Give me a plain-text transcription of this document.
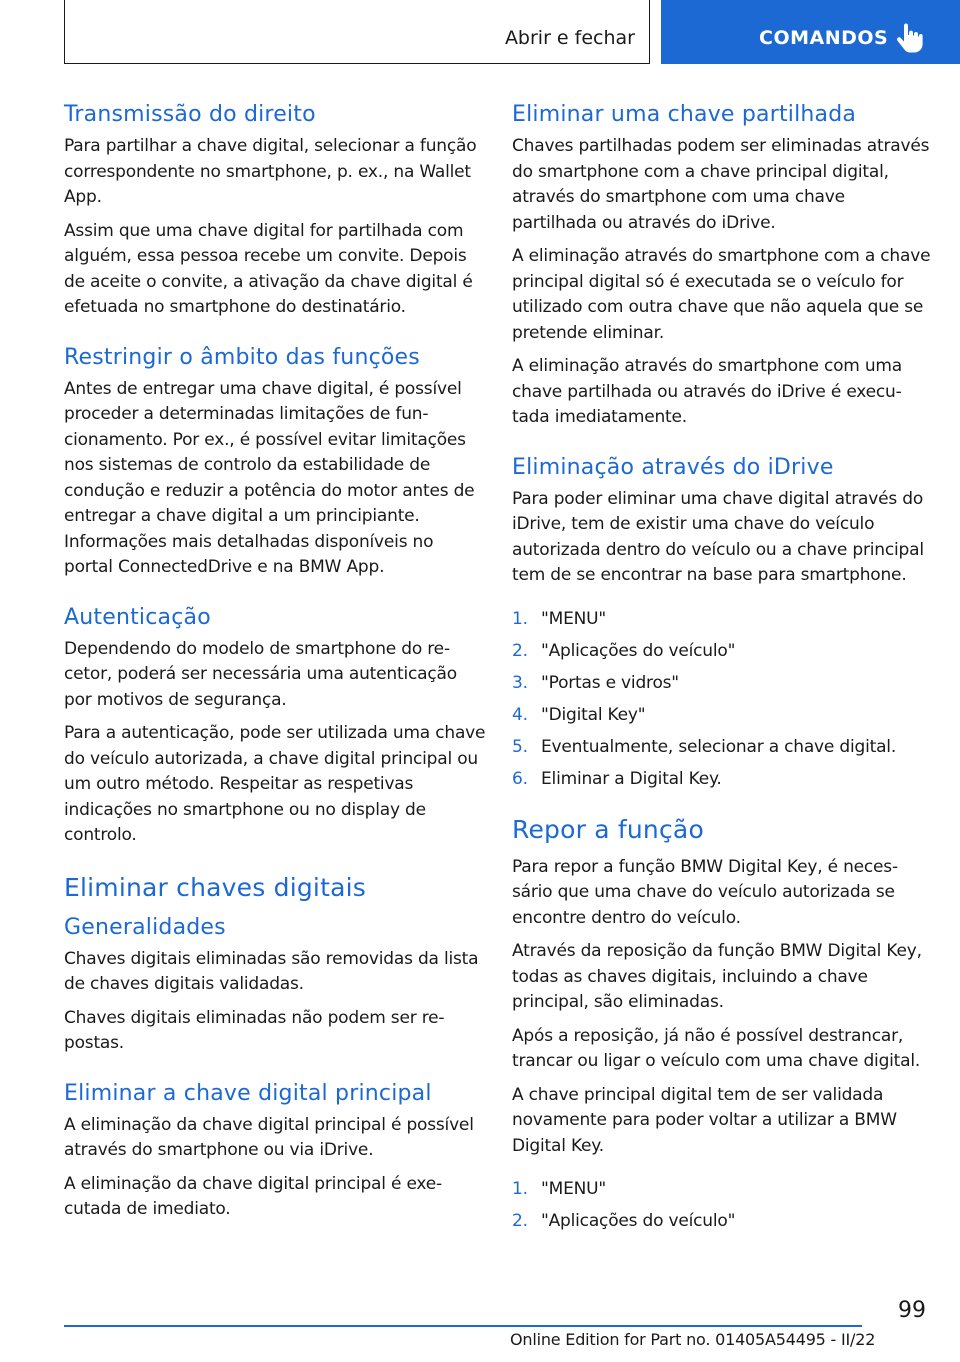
Abrir e fechar	COMANDOS
Transmissão do direito

Para partilhar a chave digital, selecionar a função correspondente no smartphone, p. ex., na Wallet App.

Assim que uma chave digital for partilhada com alguém, essa pessoa recebe um convite. Depois de aceite o convite, a ativação da chave digital é efetuada no smartphone do destinatário.

Restringir o âmbito das funções

Antes de entregar uma chave digital, é possível proceder a determinadas limitações de funcionamento. Por ex., é possível evitar limitações nos sistemas de controlo da estabilidade de condução e reduzir a potência do motor antes de entregar a chave digital a um principiante. Informações mais detalhadas disponíveis no portal ConnectedDrive e na BMW App.

Autenticação

Dependendo do modelo de smartphone do recetor, poderá ser necessária uma autenticação por motivos de segurança.

Para a autenticação, pode ser utilizada uma chave do veículo autorizada, a chave digital principal ou um outro método. Respeitar as respetivas indicações no smartphone ou no display de controlo.

Eliminar chaves digitais
Generalidades

Chaves digitais eliminadas são removidas da lista de chaves digitais validadas.

Chaves digitais eliminadas não podem ser repostas.

Eliminar a chave digital principal

A eliminação da chave digital principal é possível através do smartphone ou via iDrive.

A eliminação da chave digital principal é executada de imediato.

Eliminar uma chave partilhada

Chaves partilhadas podem ser eliminadas através do smartphone com a chave principal digital, através do smartphone com uma chave partilhada ou através do iDrive.

A eliminação através do smartphone com a chave principal digital só é executada se o veículo for utilizado com outra chave que não aquela que se pretende eliminar.

A eliminação através do smartphone com uma chave partilhada ou através do iDrive é executada imediatamente.

Eliminação através do iDrive

Para poder eliminar uma chave digital através do iDrive, tem de existir uma chave do veículo autorizada dentro do veículo ou a chave principal tem de se encontrar na base para smartphone.

1. "MENU"
2. "Aplicações do veículo"
3. "Portas e vidros"
4. "Digital Key"
5. Eventualmente, selecionar a chave digital.
6. Eliminar a Digital Key.
Repor a função

Para repor a função BMW Digital Key, é necessário que uma chave do veículo autorizada se encontre dentro do veículo.

Através da reposição da função BMW Digital Key, todas as chaves digitais, incluindo a chave principal, são eliminadas.

Após a reposição, já não é possível destrancar, trancar ou ligar o veículo com uma chave digital.

A chave principal digital tem de ser validada novamente para poder voltar a utilizar a BMW Digital Key.

1. "MENU"
2. "Aplicações do veículo"
99
Online Edition for Part no. 01405A54495 - II/22
